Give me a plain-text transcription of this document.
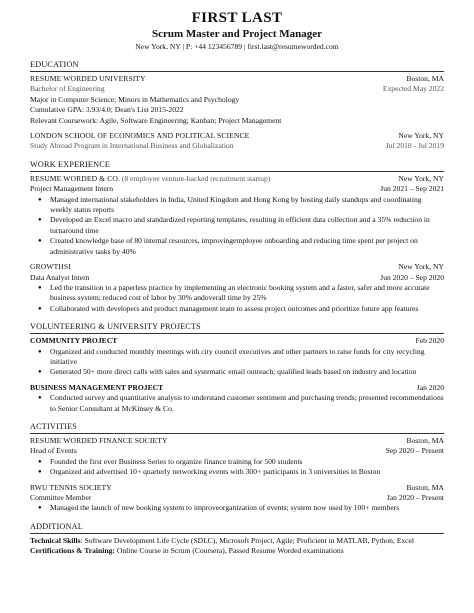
FIRST LAST
Scrum Master and Project Manager
New York, NY | P: +44 123456789 | first.last@resumeworded.com
EDUCATION
RESUME WORDED UNIVERSITY	Boston, MA
Bachelor of Engineering	Expected May 2022
Major in Computer Science; Minors in Mathematics and Psychology
Cumulative GPA: 3.93/4.0; Dean's List 2015-2022
Relevant Coursework: Agile, Software Engineering; Kanban; Project Management
LONDON SCHOOL OF ECONOMICS AND POLITICAL SCIENCE	New York, NY
Study Abroad Program in International Business and Globalization	Jul 2018 - Jul 2019
WORK EXPERIENCE
RESUME WORDED & CO. (8 employee venture-backed recruitment startup)	New York, NY
Project Management Intern	Jun 2021 – Sep 2021
● Managed international stakeholders in India, United Kingdom and Hong Kong by hosting daily standups and coordinating weekly status reports
● Developed an Excel macro and standardized reporting templates, resulting in efficient data collection and a 35% reduction in turnaround time
● Created knowledge base of 80 internal resources, improvingemployee onboarding and reducing time spent per project on administrative tasks by 40%
GROWTHSI	New York, NY
Data Analyst Intern	Jun 2020 – Sep 2020
● Led the transition to a paperless practice by implementing an electronic booking system and a faster, safer and more accurate business system; reduced cost of labor by 30% andoverall time by 25%
● Collaborated with developers and product management team to assess project outcomes and prioritize future app features
VOLUNTEERING & UNIVERSITY PROJECTS
COMMUNITY PROJECT	Feb 2020
● Organized and conducted monthly meetings with city council executives and other partners to raise funds for city recycling initiative
● Generated 50+ more direct calls with sales and systematic email outreach; qualified leads based on industry and location
BUSINESS MANAGEMENT PROJECT	Jan 2020
● Conducted survey and quantitative analysis to understand customer sentiment and purchasing trends; presented recommendations to Senior Consultant at McKinsey & Co.
ACTIVITIES
RESUME WORDED FINANCE SOCIETY	Boston, MA
Head of Events	Sep 2020 – Present
● Founded the first ever Business Series to organize finance training for 500 students
● Organized and advertised 10+ quarterly networking events with 300+ participants in 3 universities in Boston
RWU TENNIS SOCIETY	Boston, MA
Committee Member	Jan 2020 – Present
● Managed the launch of new booking system to improveorganization of events; system now used by 100+ members
ADDITIONAL
Technical Skills: Software Development Life Cycle (SDLC), Microsoft Project, Agile; Proficient in MATLAB, Python, Excel
Certifications & Training: Online Course in Scrum (Coursera), Passed Resume Worded examinations
